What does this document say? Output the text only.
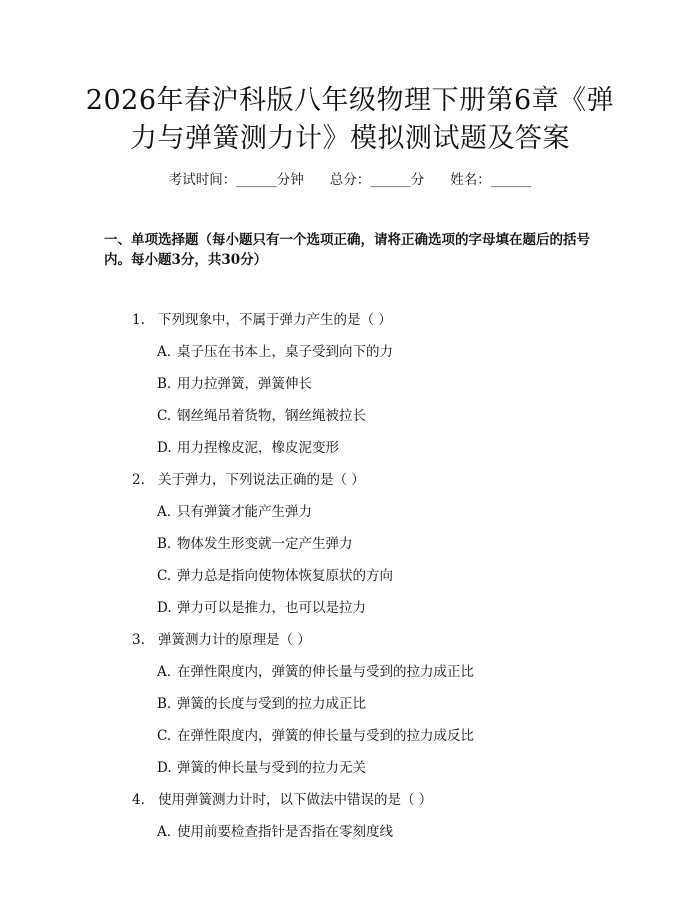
2026年春沪科版八年级物理下册第6章《弹力与弹簧测力计》模拟测试题及答案
考试时间：______分钟 总分：______分 姓名：______

一、单项选择题（每小题只有一个选项正确，请将正确选项的字母填在题后的括号内。每小题3分，共30分）

1. 下列现象中，不属于弹力产生的是（ ）
A. 桌子压在书本上，桌子受到向下的力
B. 用力拉弹簧，弹簧伸长
C. 钢丝绳吊着货物，钢丝绳被拉长
D. 用力捏橡皮泥，橡皮泥变形
2. 关于弹力，下列说法正确的是（ ）
A. 只有弹簧才能产生弹力
B. 物体发生形变就一定产生弹力
C. 弹力总是指向使物体恢复原状的方向
D. 弹力可以是推力，也可以是拉力
3. 弹簧测力计的原理是（ ）
A. 在弹性限度内，弹簧的伸长量与受到的拉力成正比
B. 弹簧的长度与受到的拉力成正比
C. 在弹性限度内，弹簧的伸长量与受到的拉力成反比
D. 弹簧的伸长量与受到的拉力无关
4. 使用弹簧测力计时，以下做法中错误的是（ ）
A. 使用前要检查指针是否指在零刻度线
